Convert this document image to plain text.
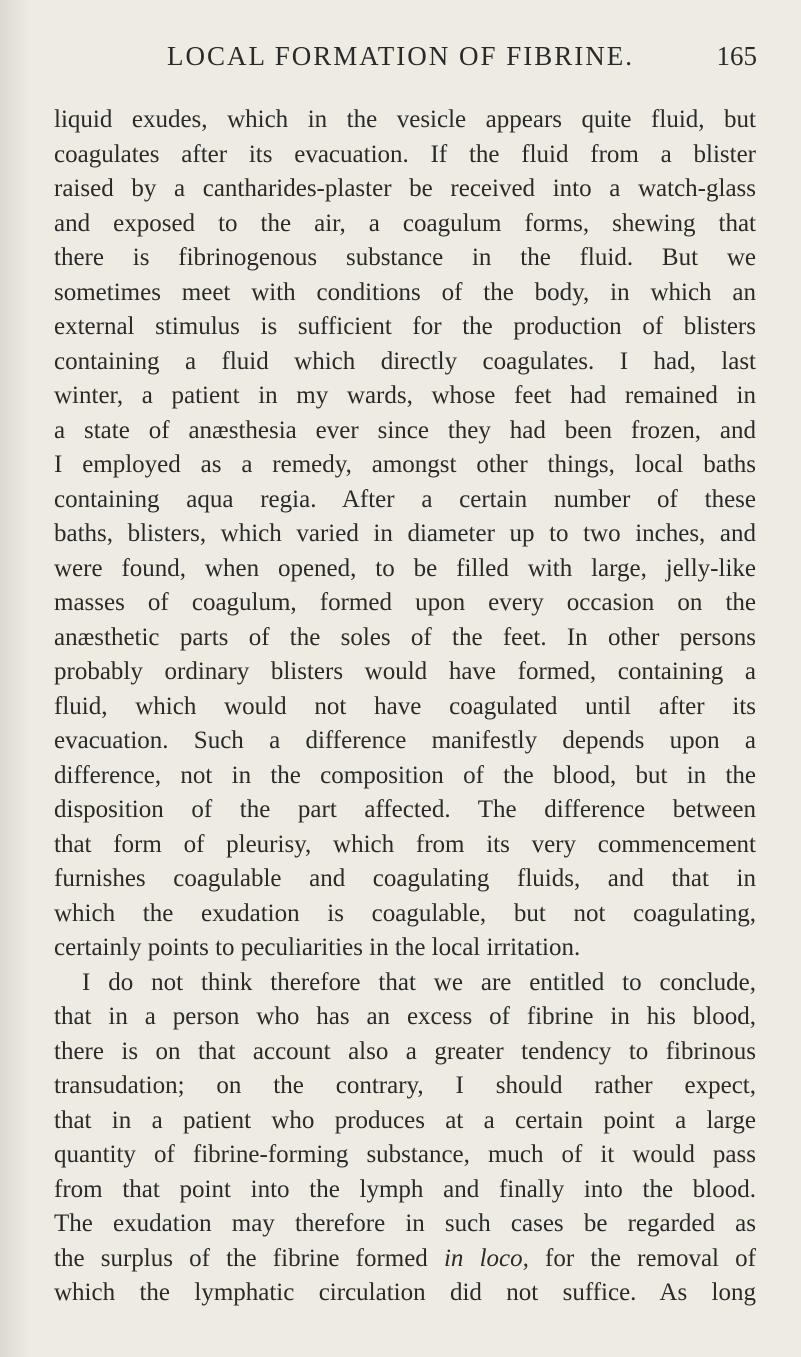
LOCAL FORMATION OF FIBRINE.	165
liquid exudes, which in the vesicle appears quite fluid, but
coagulates after its evacuation. If the fluid from a blister
raised by a cantharides-plaster be received into a watch-glass
and exposed to the air, a coagulum forms, shewing that
there is fibrinogenous substance in the fluid. But we
sometimes meet with conditions of the body, in which an
external stimulus is sufficient for the production of blisters
containing a fluid which directly coagulates. I had, last
winter, a patient in my wards, whose feet had remained in
a state of anæsthesia ever since they had been frozen, and
I employed as a remedy, amongst other things, local baths
containing aqua regia. After a certain number of these
baths, blisters, which varied in diameter up to two inches, and
were found, when opened, to be filled with large, jelly-like
masses of coagulum, formed upon every occasion on the
anæsthetic parts of the soles of the feet. In other persons
probably ordinary blisters would have formed, containing a
fluid, which would not have coagulated until after its
evacuation. Such a difference manifestly depends upon a
difference, not in the composition of the blood, but in the
disposition of the part affected. The difference between
that form of pleurisy, which from its very commencement
furnishes coagulable and coagulating fluids, and that in
which the exudation is coagulable, but not coagulating,
certainly points to peculiarities in the local irritation.
I do not think therefore that we are entitled to conclude,
that in a person who has an excess of fibrine in his blood,
there is on that account also a greater tendency to fibrinous
transudation; on the contrary, I should rather expect,
that in a patient who produces at a certain point a large
quantity of fibrine-forming substance, much of it would pass
from that point into the lymph and finally into the blood.
The exudation may therefore in such cases be regarded as
the surplus of the fibrine formed in loco, for the removal of
which the lymphatic circulation did not suffice. As long
